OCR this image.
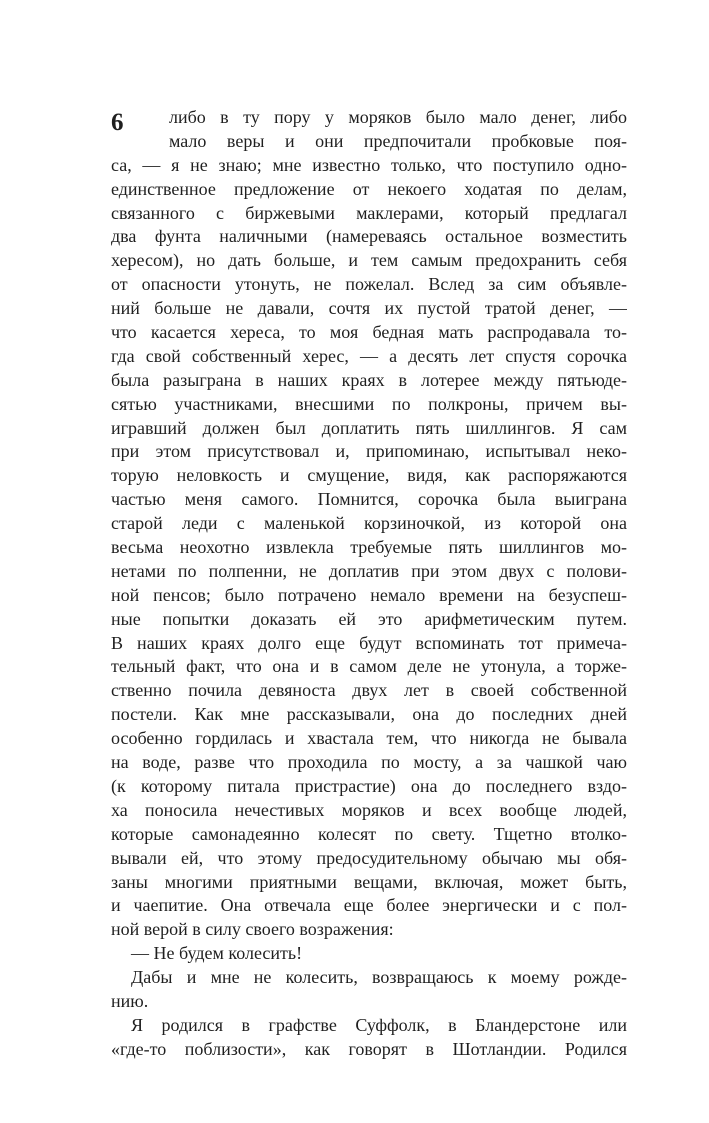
6	либо в ту пору у моряков было мало денег, либо
мало веры и они предпочитали пробковые поя-
са, — я не знаю; мне известно только, что поступило одно-
единственное предложение от некоего ходатая по делам,
связанного с биржевыми маклерами, который предлагал
два фунта наличными (намереваясь остальное возместить
хересом), но дать больше, и тем самым предохранить себя
от опасности утонуть, не пожелал. Вслед за сим объявле-
ний больше не давали, сочтя их пустой тратой денег, —
что касается хереса, то моя бедная мать распродавала то-
гда свой собственный херес, — а десять лет спустя сорочка
была разыграна в наших краях в лотерее между пятьюде-
сятью участниками, внесшими по полкроны, причем вы-
игравший должен был доплатить пять шиллингов. Я сам
при этом присутствовал и, припоминаю, испытывал неко-
торую неловкость и смущение, видя, как распоряжаются
частью меня самого. Помнится, сорочка была выиграна
старой леди с маленькой корзиночкой, из которой она
весьма неохотно извлекла требуемые пять шиллингов мо-
нетами по полпенни, не доплатив при этом двух с полови-
ной пенсов; было потрачено немало времени на безуспеш-
ные попытки доказать ей это арифметическим путем.
В наших краях долго еще будут вспоминать тот примеча-
тельный факт, что она и в самом деле не утонула, а торже-
ственно почила девяноста двух лет в своей собственной
постели. Как мне рассказывали, она до последних дней
особенно гордилась и хвастала тем, что никогда не бывала
на воде, разве что проходила по мосту, а за чашкой чаю
(к которому питала пристрастие) она до последнего вздо-
ха поносила нечестивых моряков и всех вообще людей,
которые самонадеянно колесят по свету. Тщетно втолко-
вывали ей, что этому предосудительному обычаю мы обя-
заны многими приятными вещами, включая, может быть,
и чаепитие. Она отвечала еще более энергически и с пол-
ной верой в силу своего возражения:
— Не будем колесить!
Дабы и мне не колесить, возвращаюсь к моему рожде-
нию.
Я родился в графстве Суффолк, в Бландерстоне или
«где-то поблизости», как говорят в Шотландии. Родился
